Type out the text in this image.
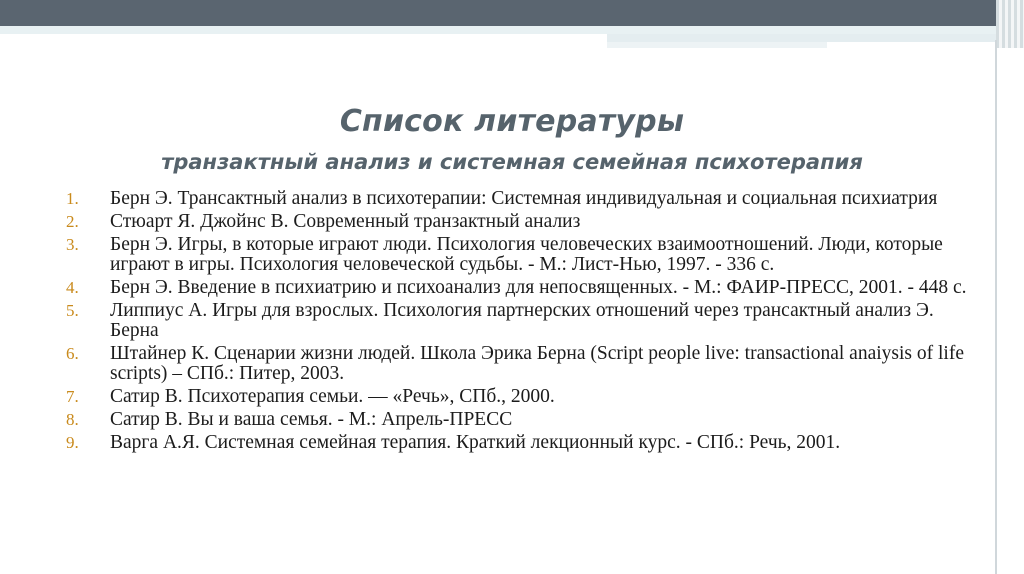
Список литературы
транзактный анализ и системная семейная психотерапия
1.	Берн Э. Трансактный анализ в психотерапии: Системная индивидуальная и социальная психиатрия
2.	Стюарт Я. Джойнс В. Современный транзактный анализ
3.	Берн Э. Игры, в которые играют люди. Психология человеческих взаимоотношений. Люди, которые играют в игры. Психология человеческой судьбы. - М.: Лист-Нью, 1997. - 336 с.
4.	Берн Э. Введение в психиатрию и психоанализ для непосвященных. - М.: ФАИР-ПРЕСС, 2001. - 448 с.
5.	Липпиус А. Игры для взрослых. Психология партнерских отношений через трансактный анализ Э. Берна
6.	Штайнер К. Сценарии жизни людей. Школа Эрика Берна (Script people live: transactional anaiysis of life scripts) – СПб.: Питер, 2003.
7.	Сатир В. Психотерапия семьи. — «Речь», СПб., 2000.
8.	Сатир В. Вы и ваша семья. - М.: Апрель-ПРЕСС
9.	Варга А.Я. Системная семейная терапия. Краткий лекционный курс. - СПб.: Речь, 2001.
